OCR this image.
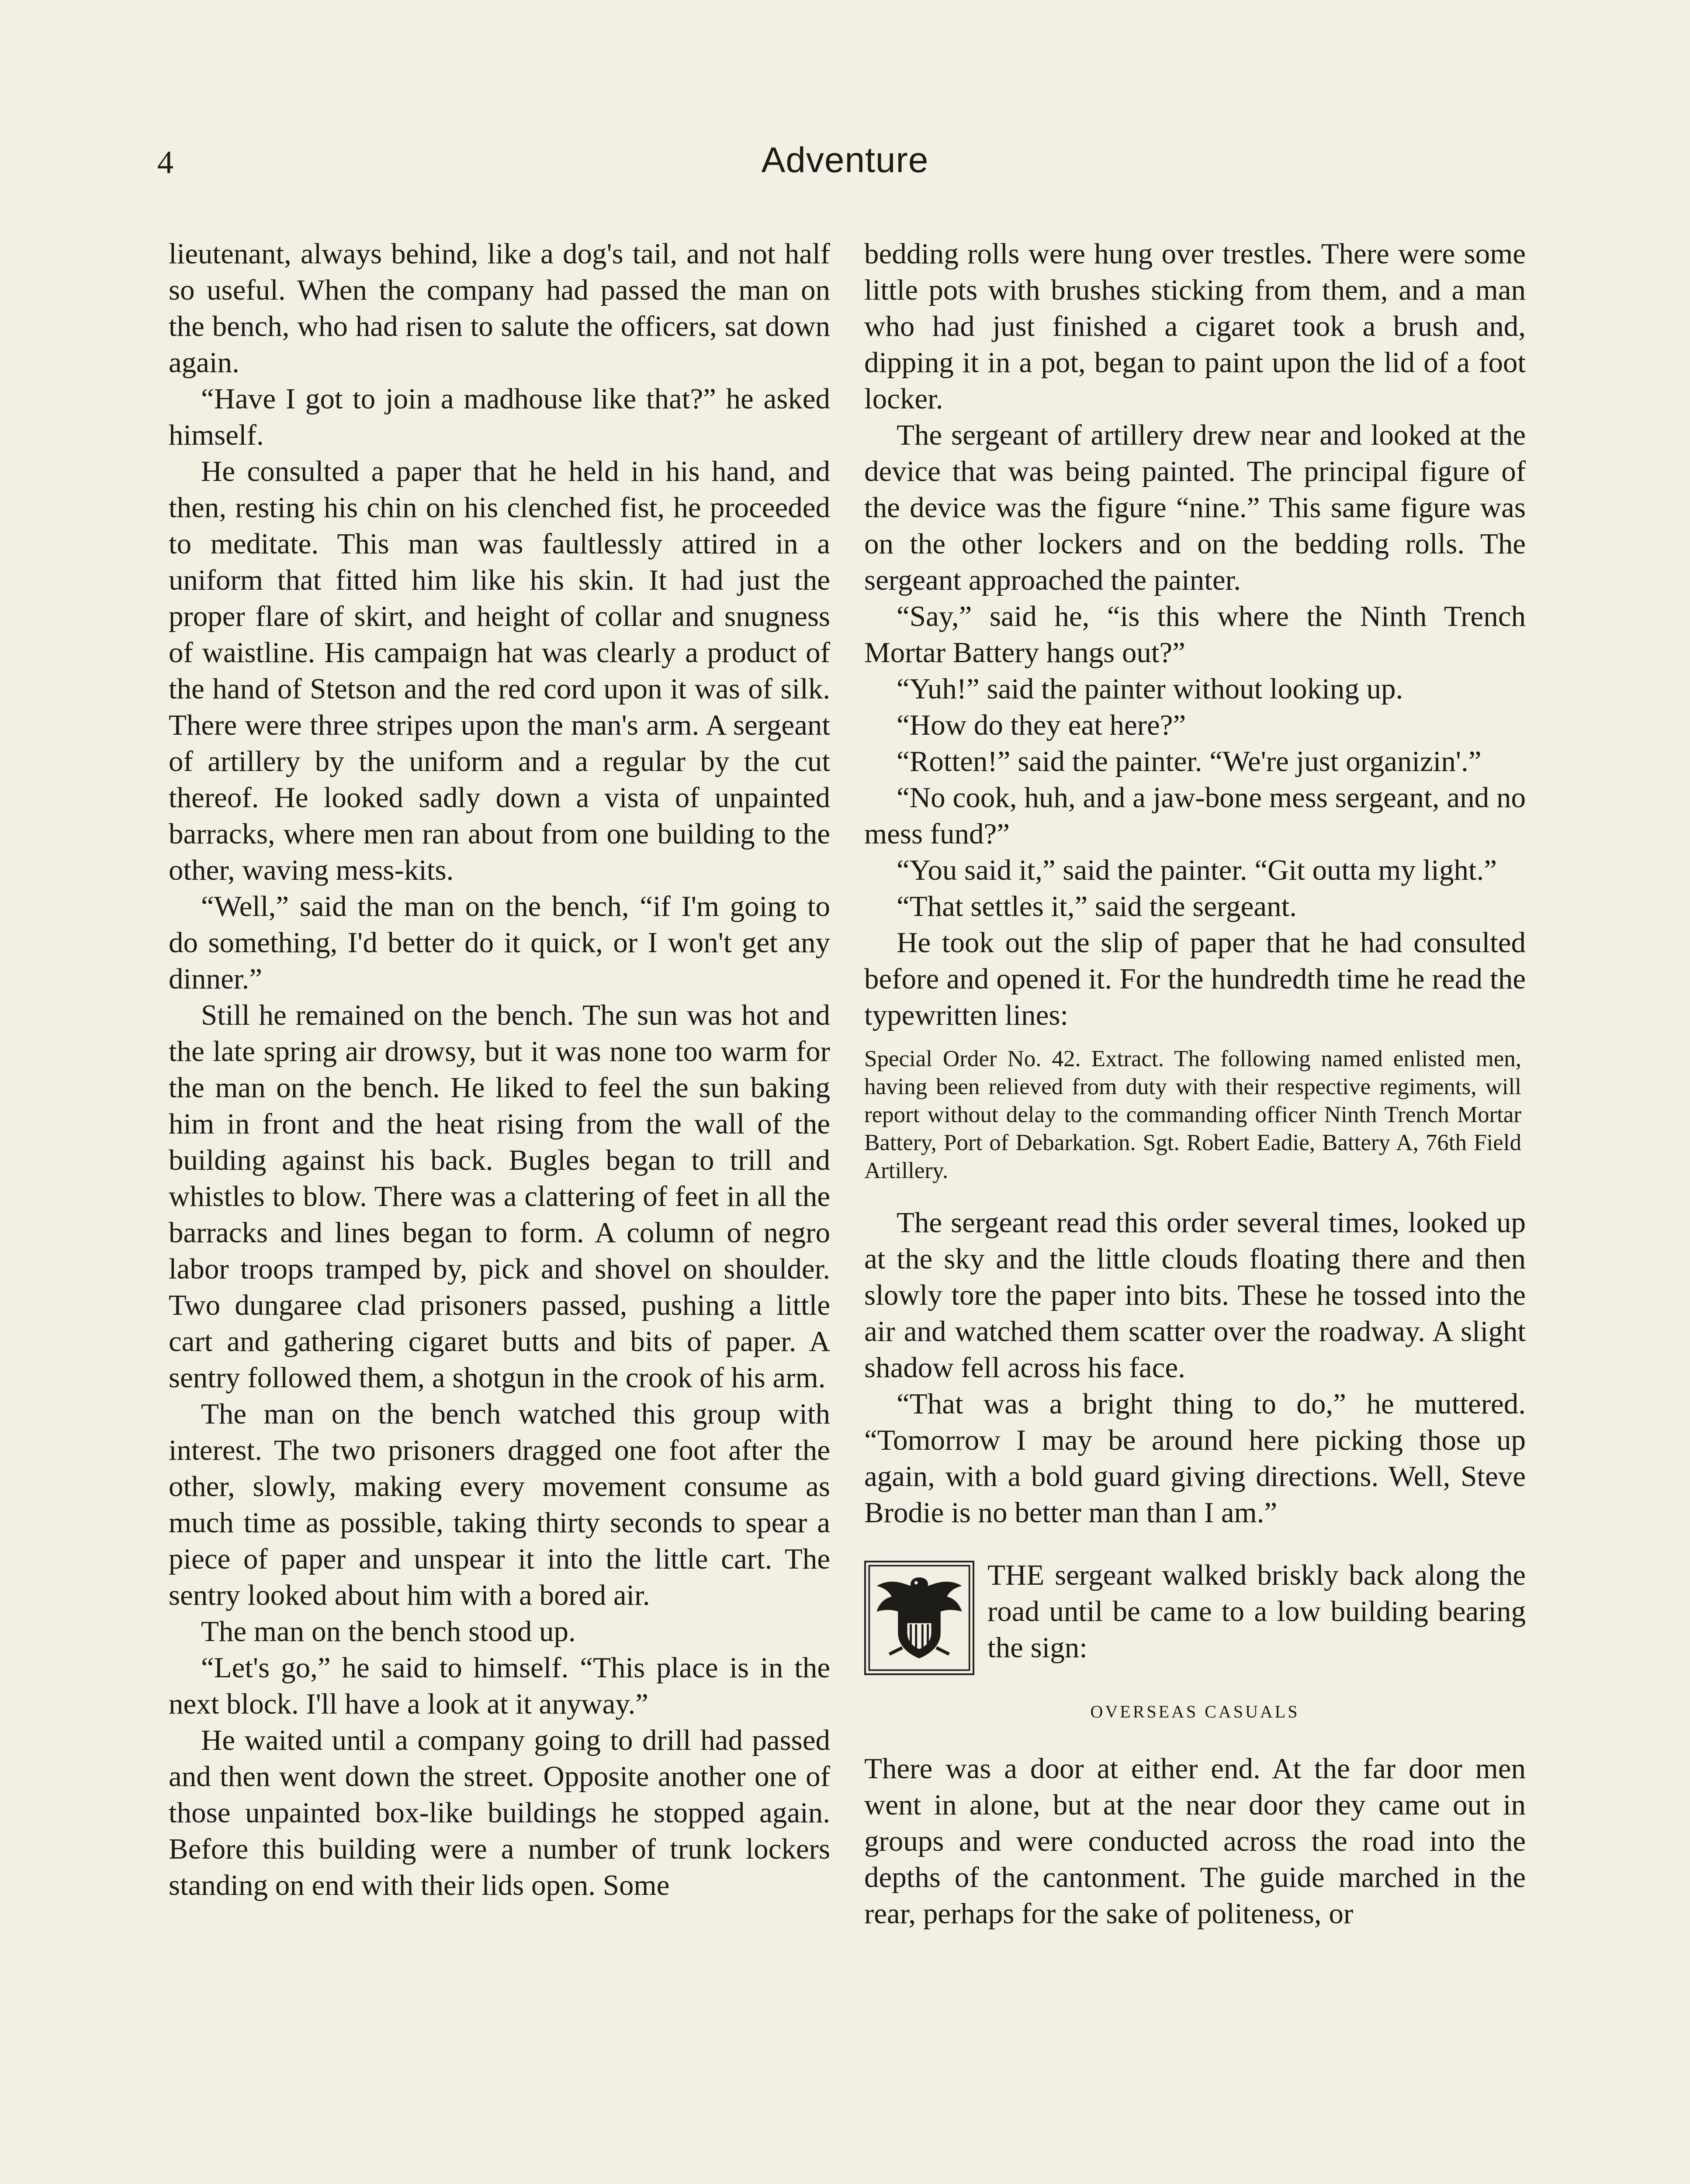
4	Adventure

lieutenant, always behind, like a dog's tail, and not half so useful. When the company had passed the man on the bench, who had risen to salute the officers, sat down again.

“Have I got to join a madhouse like that?” he asked himself.

He consulted a paper that he held in his hand, and then, resting his chin on his clenched fist, he proceeded to meditate. This man was faultlessly attired in a uniform that fitted him like his skin. It had just the proper flare of skirt, and height of collar and snugness of waistline. His campaign hat was clearly a product of the hand of Stetson and the red cord upon it was of silk. There were three stripes upon the man's arm. A sergeant of artillery by the uniform and a regular by the cut thereof. He looked sadly down a vista of unpainted barracks, where men ran about from one building to the other, waving mess-kits.

“Well,” said the man on the bench, “if I'm going to do something, I'd better do it quick, or I won't get any dinner.”

Still he remained on the bench. The sun was hot and the late spring air drowsy, but it was none too warm for the man on the bench. He liked to feel the sun baking him in front and the heat rising from the wall of the building against his back. Bugles began to trill and whistles to blow. There was a clattering of feet in all the barracks and lines began to form. A column of negro labor troops tramped by, pick and shovel on shoulder. Two dungaree clad prisoners passed, pushing a little cart and gathering cigaret butts and bits of paper. A sentry followed them, a shotgun in the crook of his arm.

The man on the bench watched this group with interest. The two prisoners dragged one foot after the other, slowly, making every movement consume as much time as possible, taking thirty seconds to spear a piece of paper and unspear it into the little cart. The sentry looked about him with a bored air.

The man on the bench stood up.

“Let's go,” he said to himself. “This place is in the next block. I'll have a look at it anyway.”

He waited until a company going to drill had passed and then went down the street. Opposite another one of those unpainted box-like buildings he stopped again. Before this building were a number of trunk lockers standing on end with their lids open. Some

bedding rolls were hung over trestles. There were some little pots with brushes sticking from them, and a man who had just finished a cigaret took a brush and, dipping it in a pot, began to paint upon the lid of a foot locker.

The sergeant of artillery drew near and looked at the device that was being painted. The principal figure of the device was the figure “nine.” This same figure was on the other lockers and on the bedding rolls. The sergeant approached the painter.

“Say,” said he, “is this where the Ninth Trench Mortar Battery hangs out?”

“Yuh!” said the painter without looking up.

“How do they eat here?”

“Rotten!” said the painter. “We're just organizin'.”

“No cook, huh, and a jaw-bone mess sergeant, and no mess fund?”

“You said it,” said the painter. “Git outta my light.”

“That settles it,” said the sergeant.

He took out the slip of paper that he had consulted before and opened it. For the hundredth time he read the typewritten lines:

Special Order No. 42. Extract. The following named enlisted men, having been relieved from duty with their respective regiments, will report without delay to the commanding officer Ninth Trench Mortar Battery, Port of Debarkation. Sgt. Robert Eadie, Battery A, 76th Field Artillery.

The sergeant read this order several times, looked up at the sky and the little clouds floating there and then slowly tore the paper into bits. These he tossed into the air and watched them scatter over the roadway. A slight shadow fell across his face.

“That was a bright thing to do,” he muttered. “Tomorrow I may be around here picking those up again, with a bold guard giving directions. Well, Steve Brodie is no better man than I am.”

THE sergeant walked briskly back along the road until be came to a low building bearing the sign:

OVERSEAS CASUALS

There was a door at either end. At the far door men went in alone, but at the near door they came out in groups and were conducted across the road into the depths of the cantonment. The guide marched in the rear, perhaps for the sake of politeness, or
